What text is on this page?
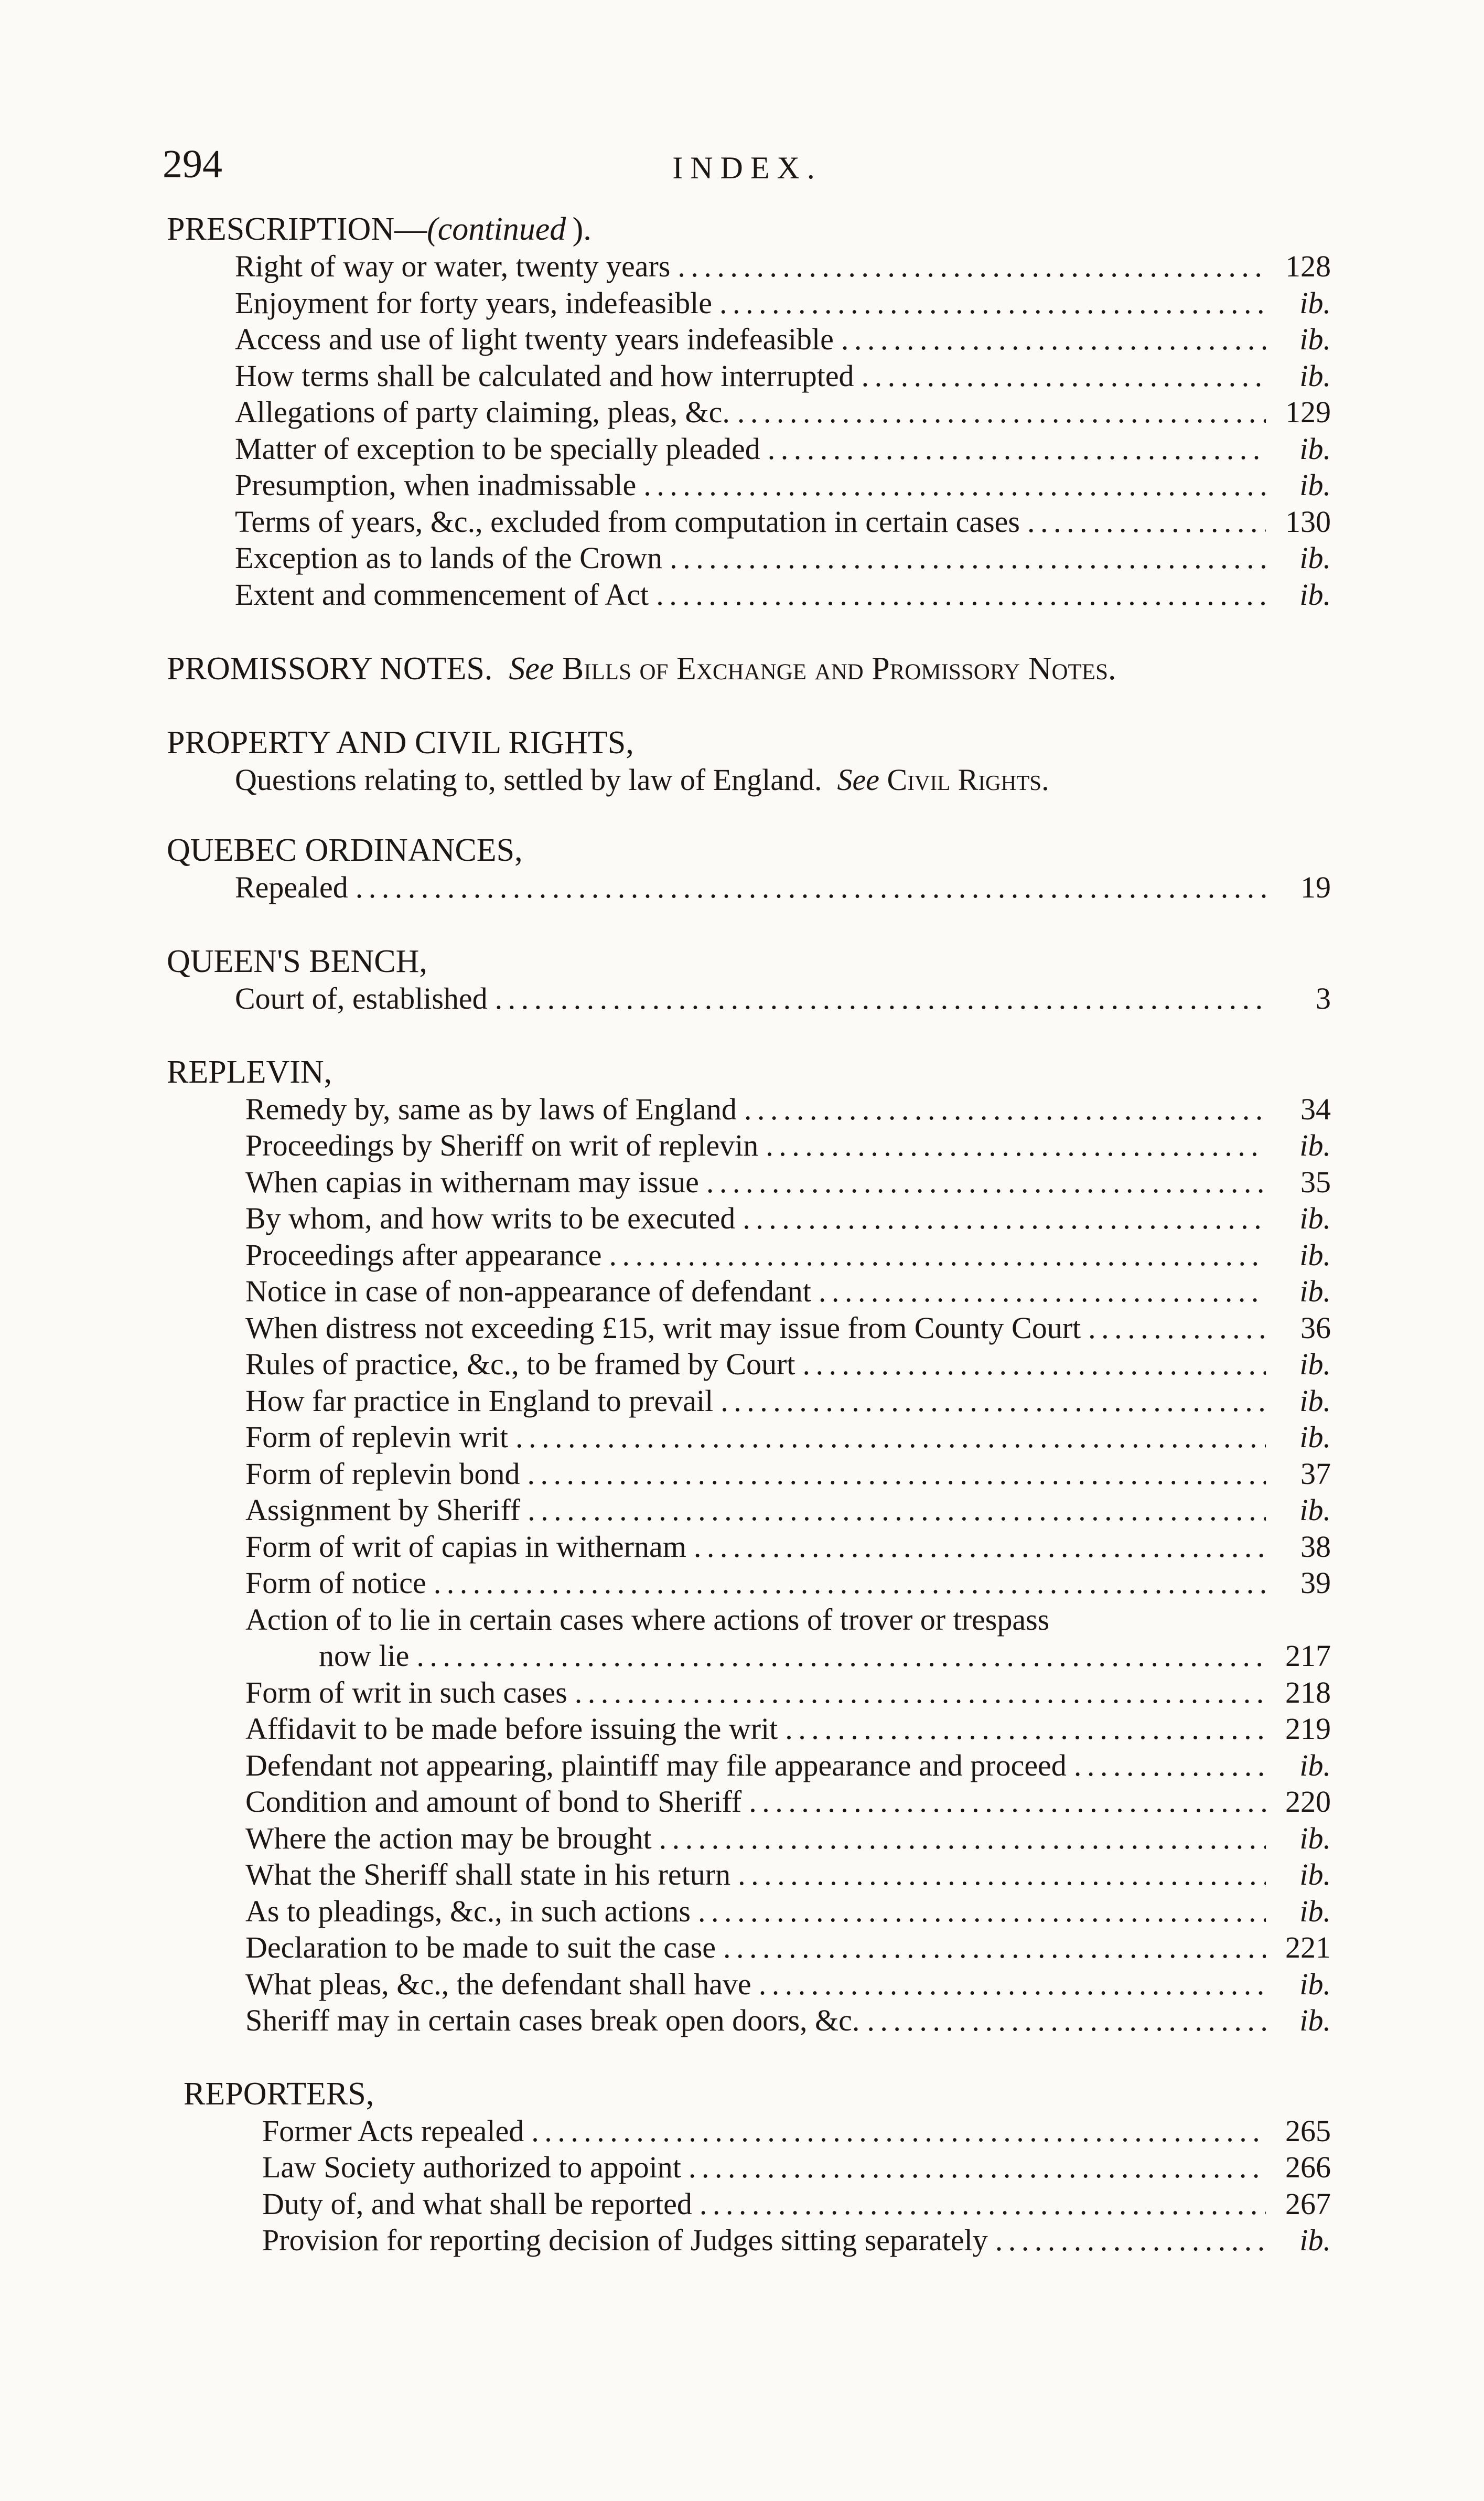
294	INDEX.
PRESCRIPTION—(continued  ).
Right of way or water, twenty years . . .	128
Enjoyment for forty years, indefeasible . . .	ib.
Access and use of light twenty years indefeasible . . .	ib.
How terms shall be calculated and how interrupted . . .	ib.
Allegations of party claiming, pleas, &c. . . .	129
Matter of exception to be specially pleaded . . .	ib.
Presumption, when inadmissable . . .	ib.
Terms of years, &c., excluded from computation in certain cases . . .	130
Exception as to lands of the Crown . . .	ib.
Extent and commencement of Act . . .	ib.
PROMISSORY NOTES. See Bills of Exchange and Promissory Notes.
PROPERTY AND CIVIL RIGHTS,
Questions relating to, settled by law of England. See Civil Rights.
QUEBEC ORDINANCES,
Repealed . . .	19
QUEEN'S BENCH,
Court of, established . . .	3
REPLEVIN,
Remedy by, same as by laws of England . . .	34
Proceedings by Sheriff on writ of replevin . . .	ib.
When capias in withernam may issue . . .	35
By whom, and how writs to be executed . . .	ib.
Proceedings after appearance . . .	ib.
Notice in case of non-appearance of defendant . . .	ib.
When distress not exceeding £15, writ may issue from County Court . . .	36
Rules of practice, &c., to be framed by Court . . .	ib.
How far practice in England to prevail . . .	ib.
Form of replevin writ . . .	ib.
Form of replevin bond . . .	37
Assignment by Sheriff . . .	ib.
Form of writ of capias in withernam . . .	38
Form of notice . . .	39
Action of to lie in certain cases where actions of trover or trespass
now lie . . .	217
Form of writ in such cases . . .	218
Affidavit to be made before issuing the writ . . .	219
Defendant not appearing, plaintiff may file appearance and proceed . . .	ib.
Condition and amount of bond to Sheriff . . .	220
Where the action may be brought . . .	ib.
What the Sheriff shall state in his return . . .	ib.
As to pleadings, &c., in such actions . . .	ib.
Declaration to be made to suit the case . . .	221
What pleas, &c., the defendant shall have . . .	ib.
Sheriff may in certain cases break open doors, &c. . . .	ib.
REPORTERS,
Former Acts repealed . . .	265
Law Society authorized to appoint . . .	266
Duty of, and what shall be reported . . .	267
Provision for reporting decision of Judges sitting separately . . .	ib.
